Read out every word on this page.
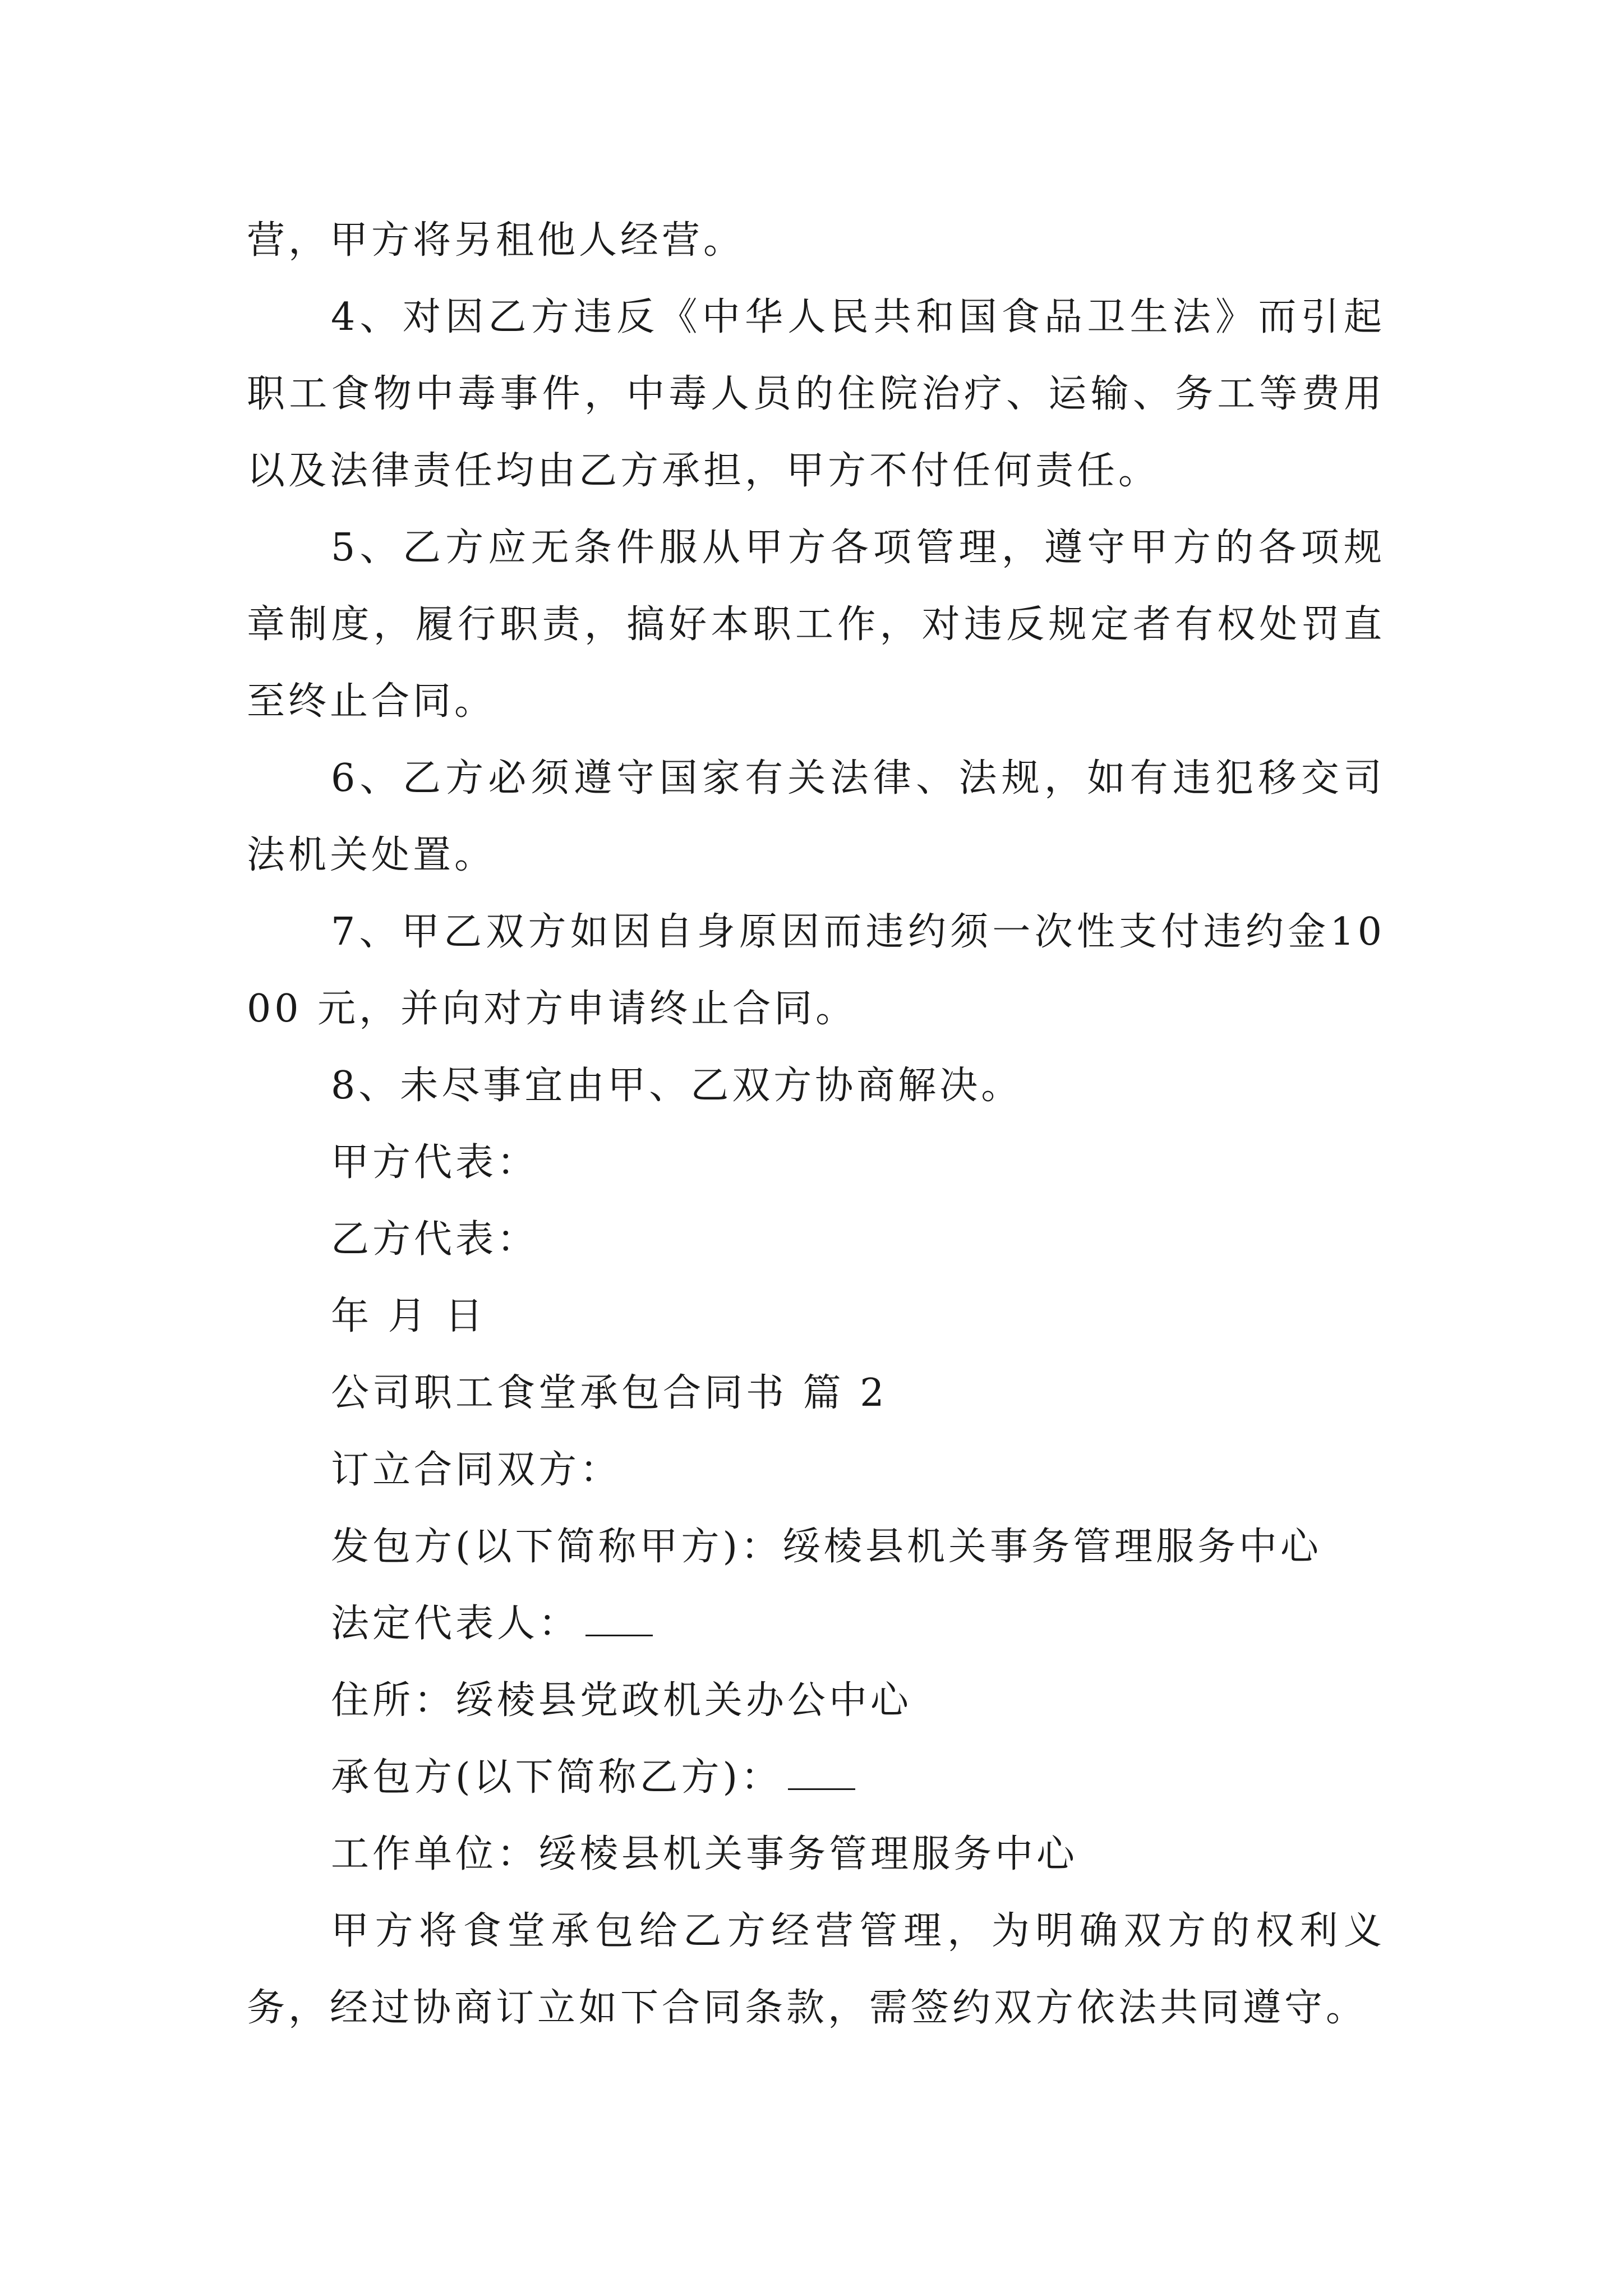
营，甲方将另租他人经营。

4、对因乙方违反《中华人民共和国食品卫生法》而引起职工食物中毒事件，中毒人员的住院治疗、运输、务工等费用以及法律责任均由乙方承担，甲方不付任何责任。

5、乙方应无条件服从甲方各项管理，遵守甲方的各项规章制度，履行职责，搞好本职工作，对违反规定者有权处罚直至终止合同。

6、乙方必须遵守国家有关法律、法规，如有违犯移交司法机关处置。

7、甲乙双方如因自身原因而违约须一次性支付违约金1000 元，并向对方申请终止合同。

8、未尽事宜由甲、乙双方协商解决。

甲方代表：

乙方代表：

年 月 日

公司职工食堂承包合同书 篇 2

订立合同双方：

发包方(以下简称甲方)：绥棱县机关事务管理服务中心

法定代表人：

住所：绥棱县党政机关办公中心

承包方(以下简称乙方)：

工作单位：绥棱县机关事务管理服务中心

甲方将食堂承包给乙方经营管理，为明确双方的权利义务，经过协商订立如下合同条款，需签约双方依法共同遵守。
